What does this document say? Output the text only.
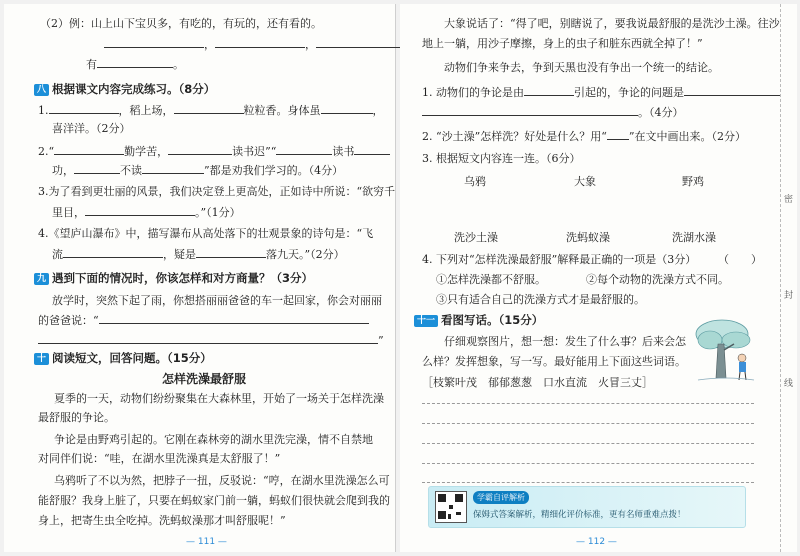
（2）例：山上山下宝贝多，有吃的，有玩的，还有看的。
，	，
有	。
八 根据课文内容完成练习。（8分）
1.	，稻上场，	粒粒香。身体虽	，
喜洋洋。（2分）
2.“	勤学苦，	读书迟”“	读书
功，	不读	”都是劝我们学习的。（4分）
3.为了看到更壮丽的风景，我们决定登上更高处，正如诗中所说：“欲穷千
里目，	。”（1分）
4.《望庐山瀑布》中，描写瀑布从高处落下的壮观景象的诗句是：“飞
流	，疑是	落九天。”（2分）
九 遇到下面的情况时，你该怎样和对方商量？（3分）
放学时，突然下起了雨，你想搭丽丽爸爸的车一起回家，你会对丽丽
的爸爸说：“
”
十 阅读短文，回答问题。（15分）
怎样洗澡最舒服
夏季的一天，动物们纷纷聚集在大森林里，开始了一场关于怎样洗澡
最舒服的争论。
争论是由野鸡引起的。它刚在森林旁的湖水里洗完澡，情不自禁地
对同伴们说：“哇，在湖水里洗澡真是太舒服了！”
乌鸦听了不以为然，把脖子一扭，反驳说：“哼，在湖水里洗澡怎么可
能舒服？我身上脏了，只要在蚂蚁家门前一躺，蚂蚁们很快就会爬到我的
身上，把寄生虫全吃掉。洗蚂蚁澡那才叫舒服呢！”
— 111 —
大象说话了：“得了吧，别瞎说了，要我说最舒服的是洗沙土澡。往沙
地上一躺，用沙子摩擦，身上的虫子和脏东西就全掉了！”
动物们争来争去，争到天黑也没有争出一个统一的结论。
1. 动物们的争论是由	引起的，争论的问题是
。（4分）
2. “沙土澡”怎样洗？好处是什么？用“ ”在文中画出来。（2分）
3. 根据短文内容连一连。（6分）
乌鸦	大象	野鸡
洗沙土澡	洗蚂蚁澡	洗湖水澡
4. 下列对“怎样洗澡最舒服”解释最正确的一项是（3分） （　　）
①怎样洗澡都不舒服。	②每个动物的洗澡方式不同。
③只有适合自己的洗澡方式才是最舒服的。
十一 看图写话。（15分）
仔细观察图片，想一想：发生了什么事？后来会怎
么样？发挥想象，写一写。最好能用上下面这些词语。
［枝繁叶茂　郁郁葱葱　口水直流　火冒三丈］
学霸自评解析
保姆式答案解析，精细化评价标准，更有名师重难点拨！
— 112 —
密
封
线
